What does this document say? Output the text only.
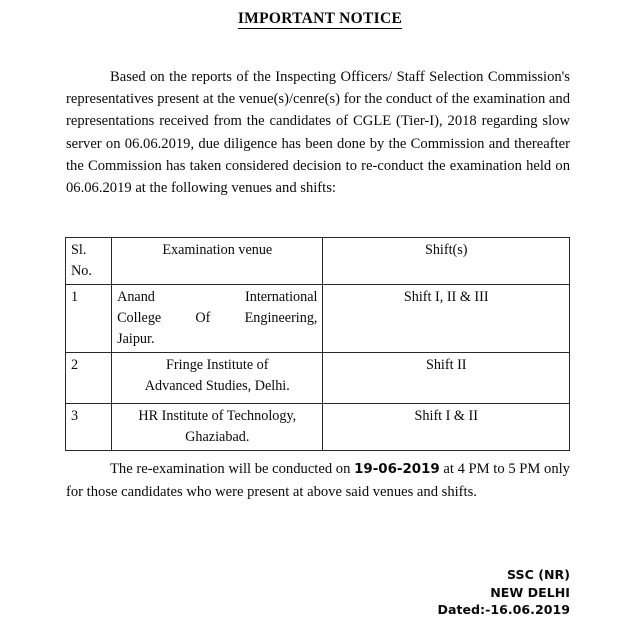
IMPORTANT NOTICE

Based on the reports of the Inspecting Officers/ Staff Selection Commission's representatives present at the venue(s)/cenre(s) for the conduct of the examination and representations received from the candidates of CGLE (Tier-I), 2018 regarding slow server on 06.06.2019, due diligence has been done by the Commission and thereafter the Commission has taken considered decision to re-conduct the examination held on 06.06.2019 at the following venues and shifts:

Sl.
No.	Examination venue	Shift(s)
1	Anand International
College Of Engineering,
Jaipur.	Shift I, II & III
2	Fringe Institute of
Advanced Studies, Delhi.	Shift II
3	HR Institute of Technology,
Ghaziabad.	Shift I & II

The re-examination will be conducted on 19-06-2019 at 4 PM to 5 PM only for those candidates who were present at above said venues and shifts.

SSC (NR)
NEW DELHI
Dated:-16.06.2019
